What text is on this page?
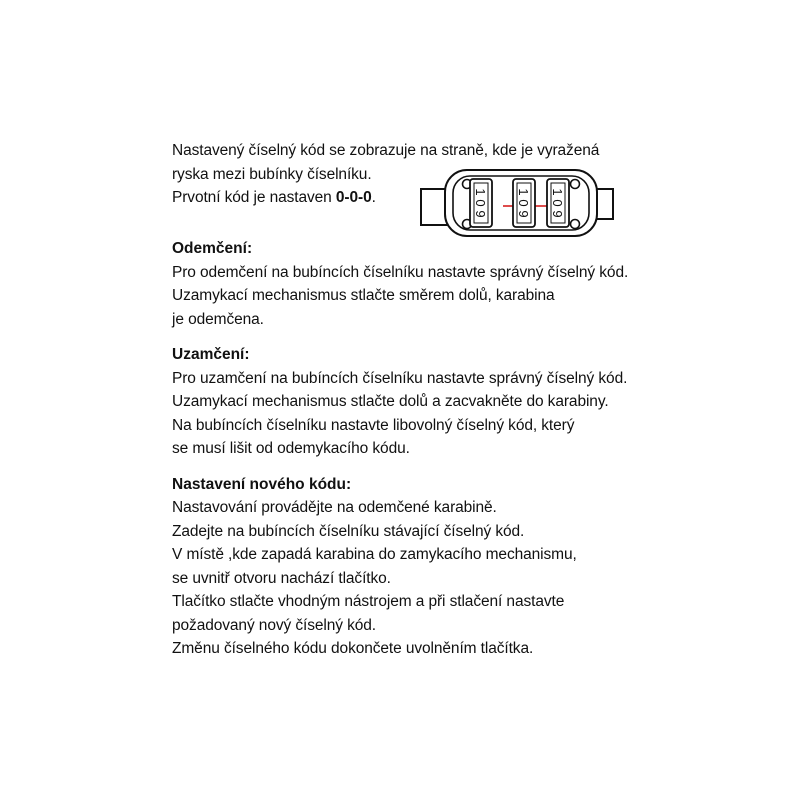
Nastavený číselný kód se zobrazuje na straně, kde je vyražená
ryska mezi bubínky číselníku.
Prvotní kód je nastaven 0-0-0.	1
0
9
1
0
9
1
0
9
Odemčení:
Pro odemčení na bubíncích číselníku nastavte správný číselný kód.
Uzamykací mechanismus stlačte směrem dolů, karabina
je odemčena.
Uzamčení:
Pro uzamčení na bubíncích číselníku nastavte správný číselný kód.
Uzamykací mechanismus stlačte dolů a zacvakněte do karabiny.
Na bubíncích číselníku nastavte libovolný číselný kód, který
se musí lišit od odemykacího kódu.
Nastavení nového kódu:
Nastavování provádějte na odemčené karabině.
Zadejte na bubíncích číselníku stávající číselný kód.
V místě ,kde zapadá karabina do zamykacího mechanismu,
se uvnitř otvoru nachází tlačítko.
Tlačítko stlačte vhodným nástrojem a při stlačení nastavte
požadovaný nový číselný kód.
Změnu číselného kódu dokončete uvolněním tlačítka.
